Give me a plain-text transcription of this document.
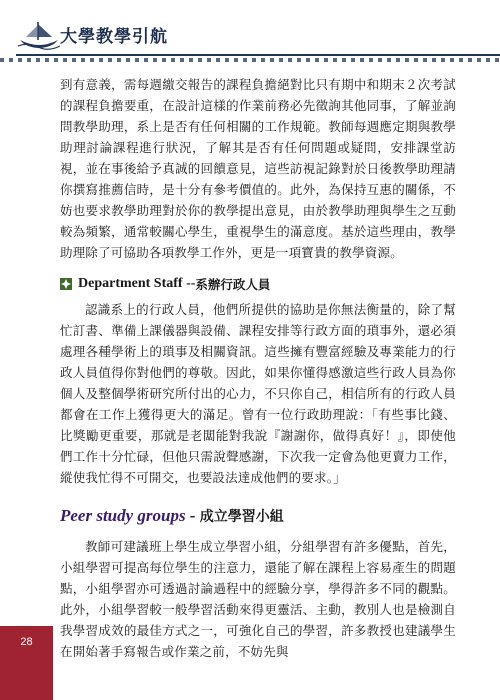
大學教學引航

到有意義，需每週繳交報告的課程負擔絕對比只有期中和期末２次考試的課程負擔要重，在設計這樣的作業前務必先徵詢其他同事，了解並詢問教學助理，系上是否有任何相關的工作規範。教師每週應定期與教學助理討論課程進行狀況，了解其是否有任何問題或疑問，安排課堂訪視，並在事後給予真誠的回饋意見，這些訪視記錄對於日後教學助理請你撰寫推薦信時，是十分有參考價值的。此外，為保持互惠的關係，不妨也要求教學助理對於你的教學提出意見，由於教學助理與學生之互動較為頻繁，通常較關心學生，重視學生的滿意度。基於這些理由，教學助理除了可協助各項教學工作外，更是一項寶貴的教學資源。

Department Staff -- 系辦行政人員

認識系上的行政人員，他們所提供的協助是你無法衡量的，除了幫忙訂書、準備上課儀器與設備、課程安排等行政方面的瑣事外，還必須處理各種學術上的瑣事及相關資訊。這些擁有豐富經驗及專業能力的行政人員值得你對他們的尊敬。因此，如果你懂得感激這些行政人員為你個人及整個學術研究所付出的心力，不只你自己，相信所有的行政人員都會在工作上獲得更大的滿足。曾有一位行政助理說：「有些事比錢、比獎勵更重要，那就是老闆能對我說『謝謝你，做得真好！』，即使他們工作十分忙碌，但他只需說聲感謝，下次我一定會為他更賣力工作，縱使我忙得不可開交，也要設法達成他們的要求。」

Peer study groups - 成立學習小組

教師可建議班上學生成立學習小組，分組學習有許多優點，首先，小組學習可提高每位學生的注意力，還能了解在課程上容易產生的問題點，小組學習亦可透過討論過程中的經驗分享，學得許多不同的觀點。此外，小組學習較一般學習活動來得更靈活、主動，教別人也是檢測自我學習成效的最佳方式之一，可強化自己的學習，許多教授也建議學生在開始著手寫報告或作業之前，不妨先與

28
